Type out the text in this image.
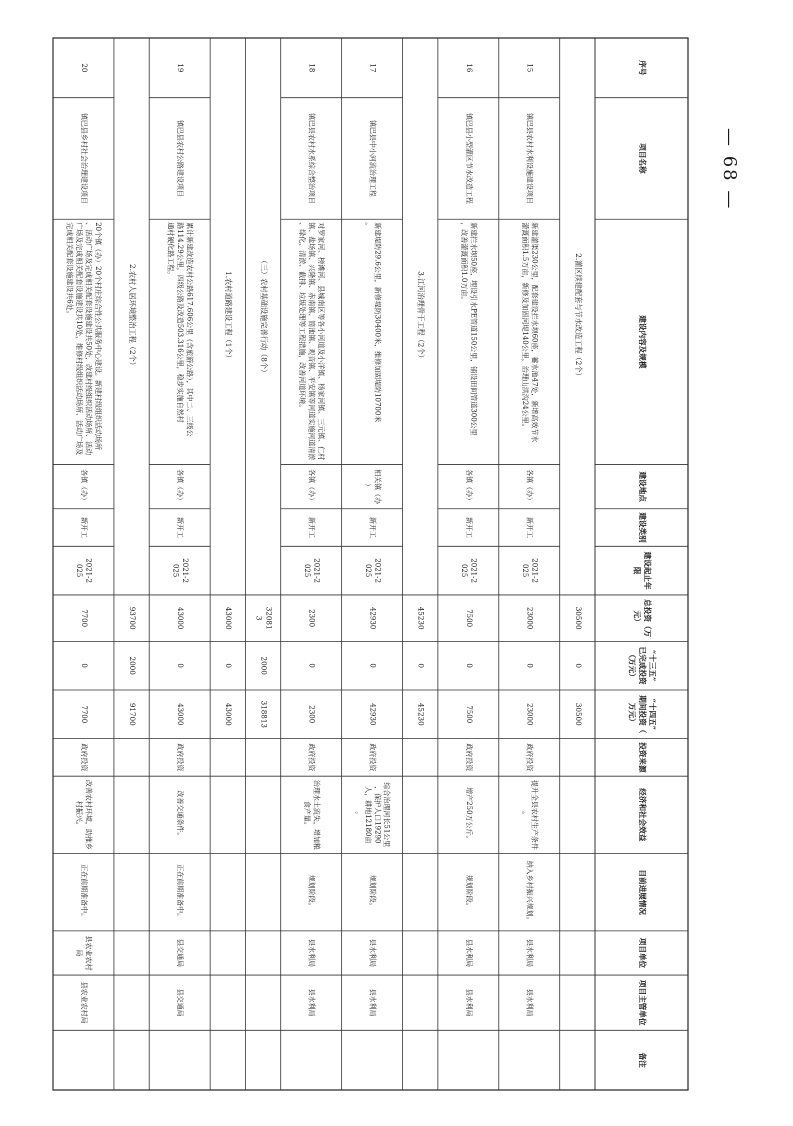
序号
项目名称
建设内容及规模
建设地点
建设类别
建设起止年限
总投资（万元）
“十三五”已完成投资（万元）
“十四五”期间投资（万元）
投资来源
经济和社会效益
目前进展情况
项目单位
项目主管单位
备注
2.灌区续建配套与节水改造工程（2个）
30500
0
30500
15
镇巴县农村水利设施建设项目
新建灌渠230公里，配套建设拦水坝60座，蓄水池47处，新增高效节水灌溉面积1.5万亩，新修及加固河堤140公里，治理山洪沟24公里。
各镇（办）
新开工
2021-2025
23000
0
23000
政府投资
提升全县农村生产条件。
纳入乡村振兴规划。
县水利局
县水利局
16
镇巴县小型灌区节水改造工程
新建拦水坝50座，埋设引水PE管道150公里，铺设田间管道300公里，改善灌溉面积1.0万亩。
各镇（办）
新开工
2021-2025
7500
0
7500
政府投资
增产250万公斤。
规划阶段。
县水利局
县水利局
3.江河治理骨干工程（2个）
45230
0
45230
17
镇巴县中小河流治理工程
新建堤防29.6公里，新修堤防30400米，维修加固堤防10700米。
相关镇（办）
新开工
2021-2025
42930
0
42930
政府投资
综合治理河长51公里，保护人口19290人，耕地12180亩。
规划阶段。
县水利局
县水利局
18
镇巴县农村水系综合整治项目
对罗家河、榜滩河、县城南区等各小河道及小洋镇、杨家河镇、三元镇、仁村镇、盐场镇、兴隆镇、赤南镇、简池镇、观音镇、平安镇等河道实施河道清淤、绿化、清淤、截排、垃圾处理等工程措施，改善河道环境。
各镇（办）
新开工
2021-2025
2300
0
2300
政府投资
治理水土流失，增加粮食产量。
规划阶段。
县水利局
县水利局
（三）农村基础设施完善行动（8个）
320813
2000
318813
1.农村道路建设工程（1个）
43000
0
43000
19
镇巴县农村公路建设项目
累计新建改造农村公路617.606公里（含旅游公路），其中二、三级公路114.29公里，四级公路及改造503.316公里，稳步实施自然村通村硬化路工程。
各镇（办）
新开工
2021-2025
43000
0
43000
政府投资
改善交通条件。
正在前期准备中。
县交通局
县交通局
2.农村人居环境整治工程（2个）
93700
2000
91700
20
镇巴县乡村社会治理建设项目
20个镇（办）20个村庄综合性公共服务中心建设。新建村级组织活动场所、活动广场及完成相关配套设施建设共50处，改建村级组织活动场所、活动广场及完成相关配套设施建设共10处，维修村级组织活动场所、活动广场及完成相关配套设施建设共6处。
各镇（办）
新开工
2021-2025
7700
0
7700
政府投资
改善农村环境，助推乡村振兴。
正在前期准备中。
县农业农村局
县农业农村局
— 68 —
